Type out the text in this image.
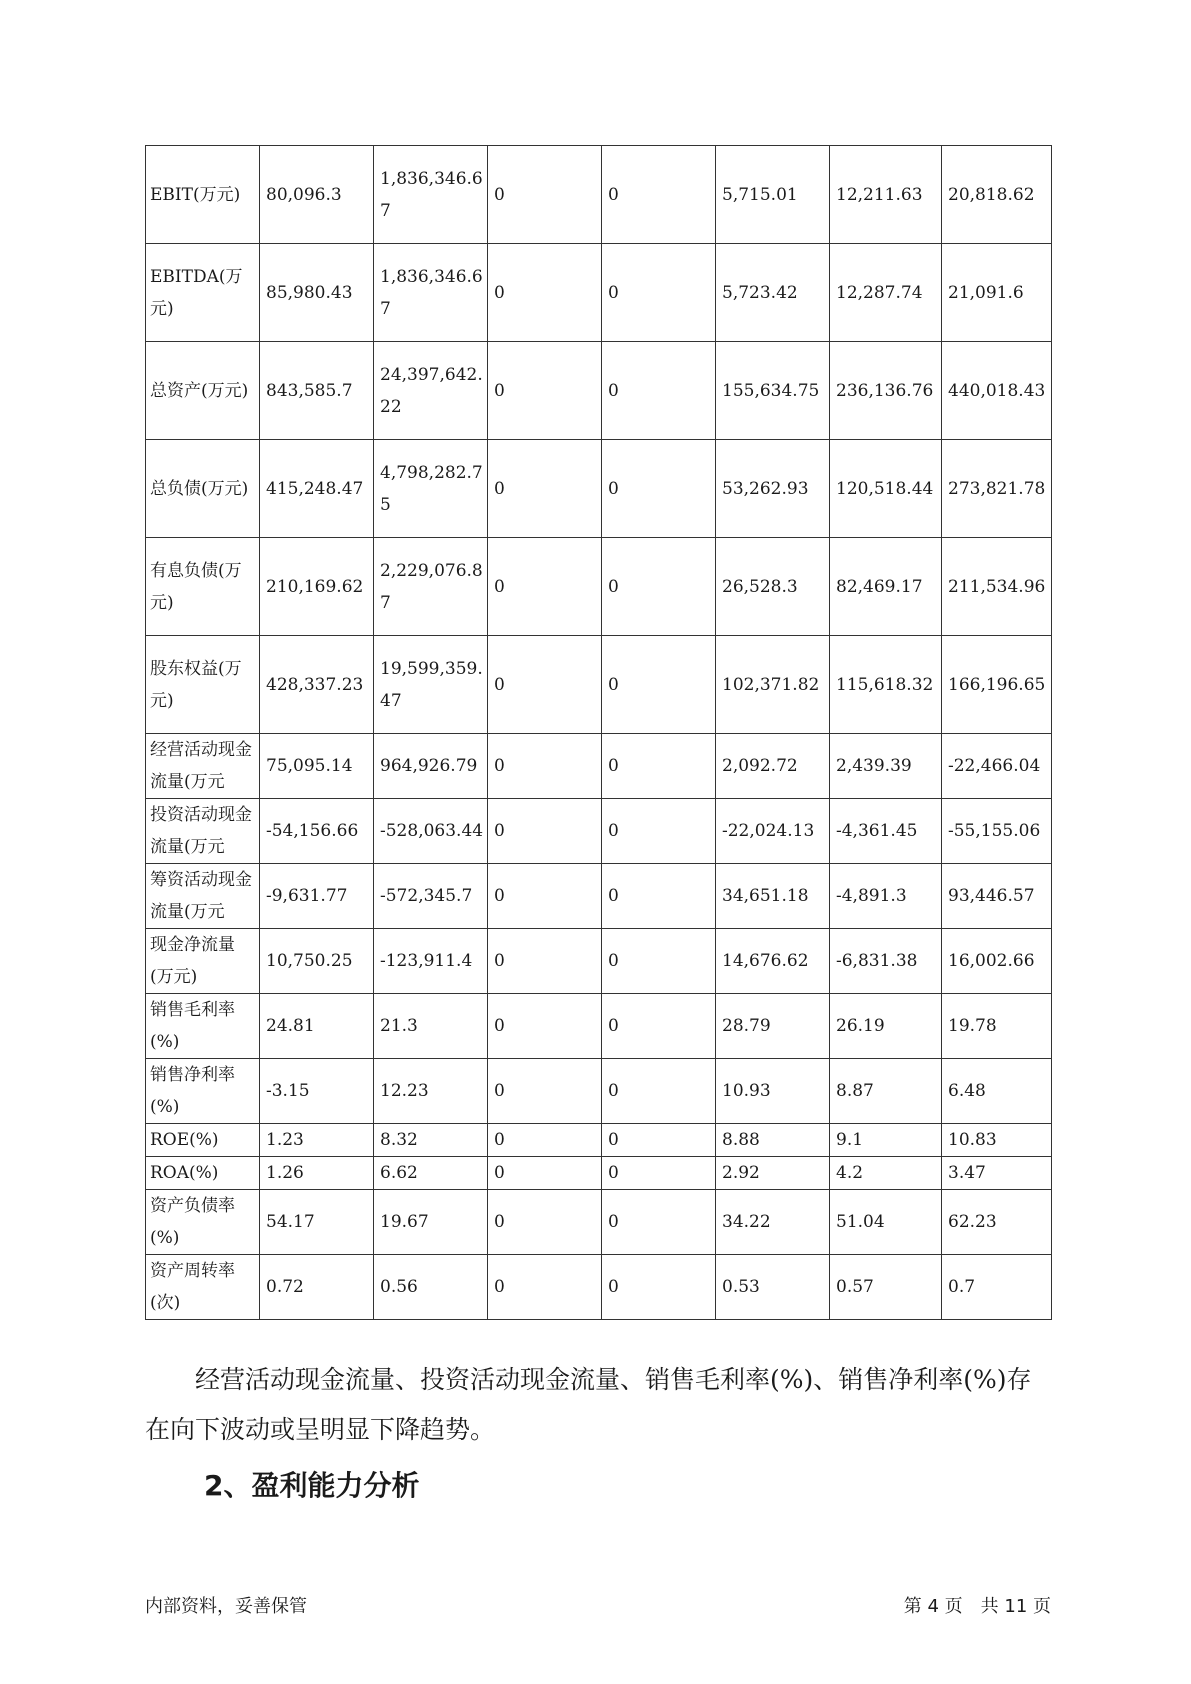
EBIT(万元)	80,096.3	1,836,346.67	0	0	5,715.01	12,211.63	20,818.62
EBITDA(万元)	85,980.43	1,836,346.67	0	0	5,723.42	12,287.74	21,091.6
总资产(万元)	843,585.7	24,397,642.22	0	0	155,634.75	236,136.76	440,018.43
总负债(万元)	415,248.47	4,798,282.75	0	0	53,262.93	120,518.44	273,821.78
有息负债(万元)	210,169.62	2,229,076.87	0	0	26,528.3	82,469.17	211,534.96
股东权益(万元)	428,337.23	19,599,359.47	0	0	102,371.82	115,618.32	166,196.65
经营活动现金流量(万元	75,095.14	964,926.79	0	0	2,092.72	2,439.39	-22,466.04
投资活动现金流量(万元	-54,156.66	-528,063.44	0	0	-22,024.13	-4,361.45	-55,155.06
筹资活动现金流量(万元	-9,631.77	-572,345.7	0	0	34,651.18	-4,891.3	93,446.57
现金净流量(万元)	10,750.25	-123,911.4	0	0	14,676.62	-6,831.38	16,002.66
销售毛利率(%)	24.81	21.3	0	0	28.79	26.19	19.78
销售净利率(%)	-3.15	12.23	0	0	10.93	8.87	6.48
ROE(%)	1.23	8.32	0	0	8.88	9.1	10.83
ROA(%)	1.26	6.62	0	0	2.92	4.2	3.47
资产负债率(%)	54.17	19.67	0	0	34.22	51.04	62.23
资产周转率(次)	0.72	0.56	0	0	0.53	0.57	0.7

经营活动现金流量、投资活动现金流量、销售毛利率(%)、销售净利率(%)存在向下波动或呈明显下降趋势。

2、盈利能力分析
内部资料，妥善保管	第 4 页　共 11 页
